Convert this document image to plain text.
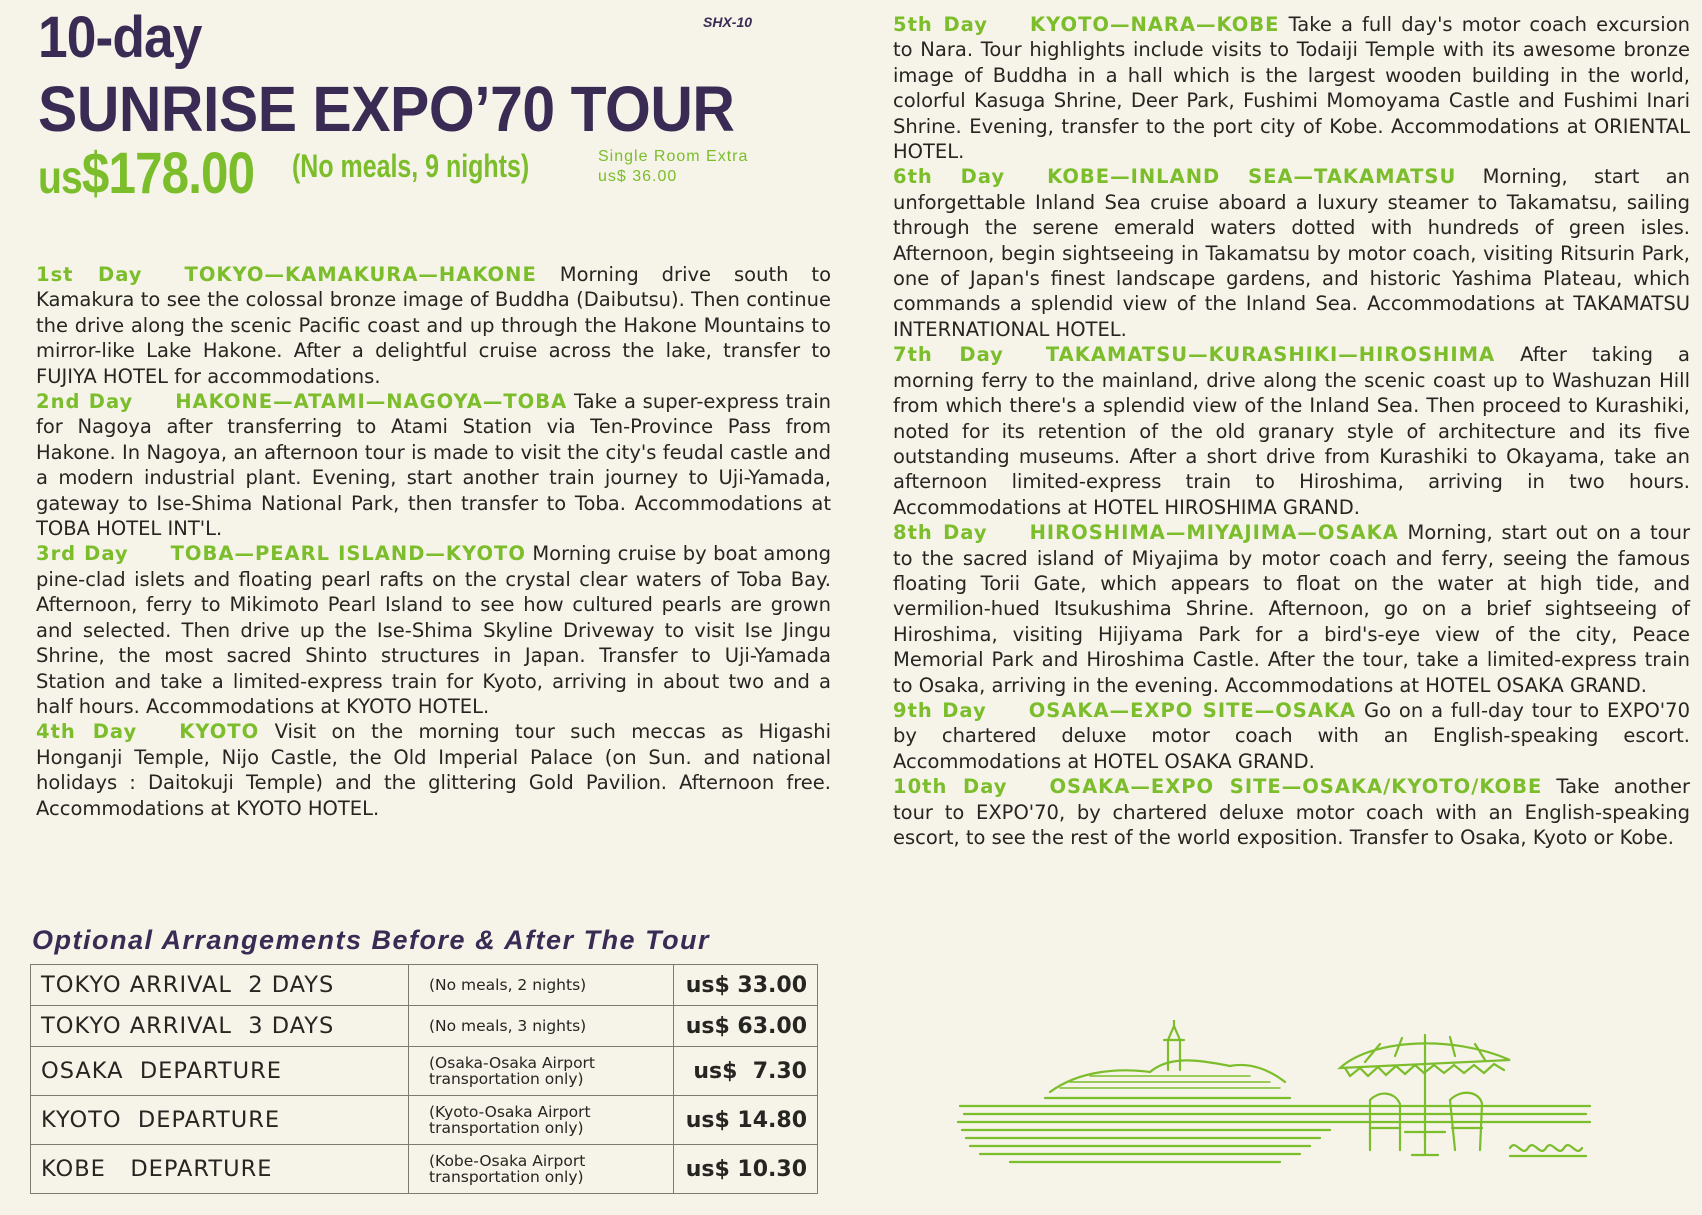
SHX-10
10-day
SUNRISE EXPO’70 TOUR
us$178.00	(No meals, 9 nights)	Single Room Extra
us$ 36.00

1st Day TOKYO—KAMAKURA—HAKONE Morning drive south to Kamakura to see the colossal bronze image of Buddha (Daibutsu). Then continue the drive along the scenic Pacific coast and up through the Hakone Mountains to mirror-like Lake Hakone. After a delightful cruise across the lake, transfer to FUJIYA HOTEL for accommodations.

2nd Day HAKONE—ATAMI—NAGOYA—TOBA Take a super-express train for Nagoya after transferring to Atami Station via Ten-Province Pass from Hakone. In Nagoya, an afternoon tour is made to visit the city's feudal castle and a modern industrial plant. Evening, start another train journey to Uji-Yamada, gateway to Ise-Shima National Park, then transfer to Toba. Accommodations at TOBA HOTEL INT'L.

3rd Day TOBA—PEARL ISLAND—KYOTO Morning cruise by boat among pine-clad islets and floating pearl rafts on the crystal clear waters of Toba Bay. Afternoon, ferry to Mikimoto Pearl Island to see how cultured pearls are grown and selected. Then drive up the Ise-Shima Skyline Driveway to visit Ise Jingu Shrine, the most sacred Shinto structures in Japan. Transfer to Uji-Yamada Station and take a limited-express train for Kyoto, arriving in about two and a half hours. Accommodations at KYOTO HOTEL.

4th Day KYOTO Visit on the morning tour such meccas as Higashi Honganji Temple, Nijo Castle, the Old Imperial Palace (on Sun. and national holidays : Daitokuji Temple) and the glittering Gold Pavilion. Afternoon free. Accommodations at KYOTO HOTEL.

5th Day KYOTO—NARA—KOBE Take a full day's motor coach excursion to Nara. Tour highlights include visits to Todaiji Temple with its awesome bronze image of Buddha in a hall which is the largest wooden building in the world, colorful Kasuga Shrine, Deer Park, Fushimi Momoyama Castle and Fushimi Inari Shrine. Evening, transfer to the port city of Kobe. Accommodations at ORIENTAL HOTEL.

6th Day KOBE—INLAND SEA—TAKAMATSU Morning, start an unforgettable Inland Sea cruise aboard a luxury steamer to Takamatsu, sailing through the serene emerald waters dotted with hundreds of green isles. Afternoon, begin sightseeing in Takamatsu by motor coach, visiting Ritsurin Park, one of Japan's finest landscape gardens, and historic Yashima Plateau, which commands a splendid view of the Inland Sea. Accommodations at TAKAMATSU INTERNATIONAL HOTEL.

7th Day TAKAMATSU—KURASHIKI—HIROSHIMA After taking a morning ferry to the mainland, drive along the scenic coast up to Washuzan Hill from which there's a splendid view of the Inland Sea. Then proceed to Kurashiki, noted for its retention of the old granary style of architecture and its five outstanding museums. After a short drive from Kurashiki to Okayama, take an afternoon limited-express train to Hiroshima, arriving in two hours. Accommodations at HOTEL HIROSHIMA GRAND.

8th Day HIROSHIMA—MIYAJIMA—OSAKA Morning, start out on a tour to the sacred island of Miyajima by motor coach and ferry, seeing the famous floating Torii Gate, which appears to float on the water at high tide, and vermilion-hued Itsukushima Shrine. Afternoon, go on a brief sightseeing of Hiroshima, visiting Hijiyama Park for a bird's-eye view of the city, Peace Memorial Park and Hiroshima Castle. After the tour, take a limited-express train to Osaka, arriving in the evening. Accommodations at HOTEL OSAKA GRAND.

9th Day OSAKA—EXPO SITE—OSAKA Go on a full-day tour to EXPO'70 by chartered deluxe motor coach with an English-speaking escort. Accommodations at HOTEL OSAKA GRAND.

10th Day OSAKA—EXPO SITE—OSAKA/KYOTO/KOBE Take another tour to EXPO'70, by chartered deluxe motor coach with an English-speaking escort, to see the rest of the world exposition. Transfer to Osaka, Kyoto or Kobe.

Optional Arrangements Before & After The Tour
TOKYO ARRIVAL  2 DAYS	(No meals, 2 nights)	us$ 33.00
TOKYO ARRIVAL  3 DAYS	(No meals, 3 nights)	us$ 63.00
OSAKA  DEPARTURE	(Osaka-Osaka Airport
transportation only)	us$  7.30
KYOTO  DEPARTURE	(Kyoto-Osaka Airport
transportation only)	us$ 14.80
KOBE   DEPARTURE	(Kobe-Osaka Airport
transportation only)	us$ 10.30
